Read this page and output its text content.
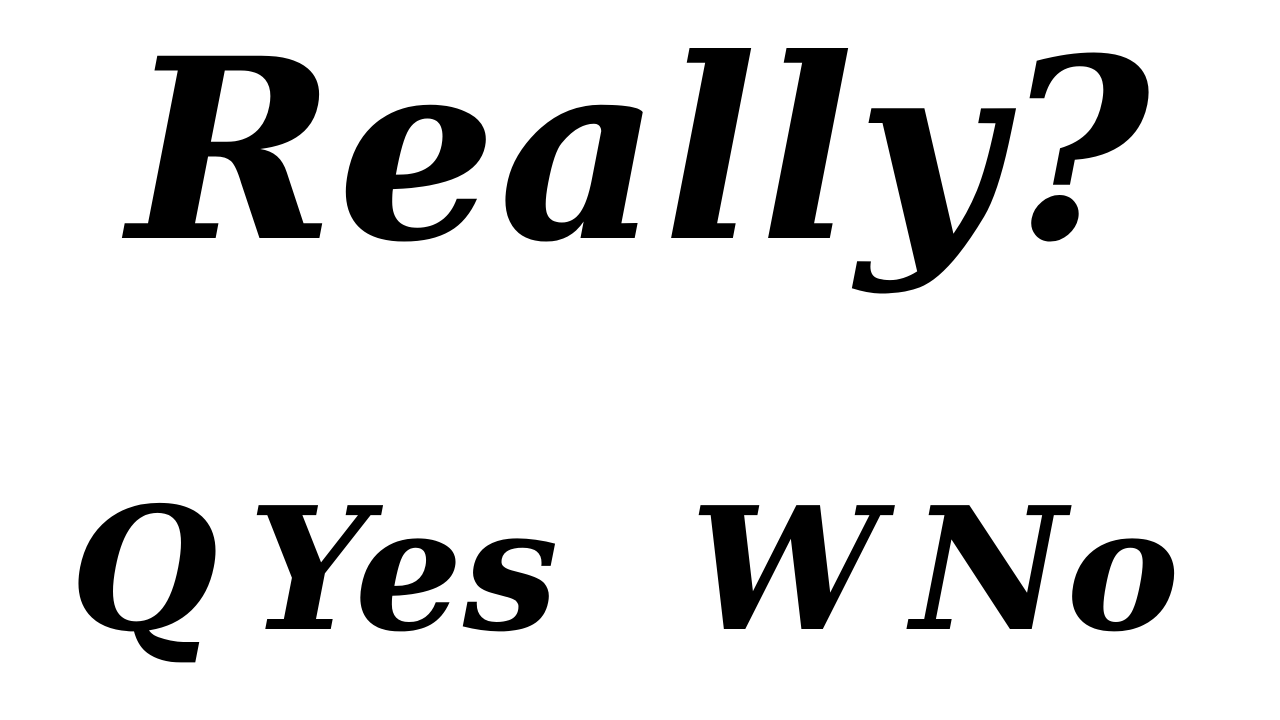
Really?
Q Yes W No
